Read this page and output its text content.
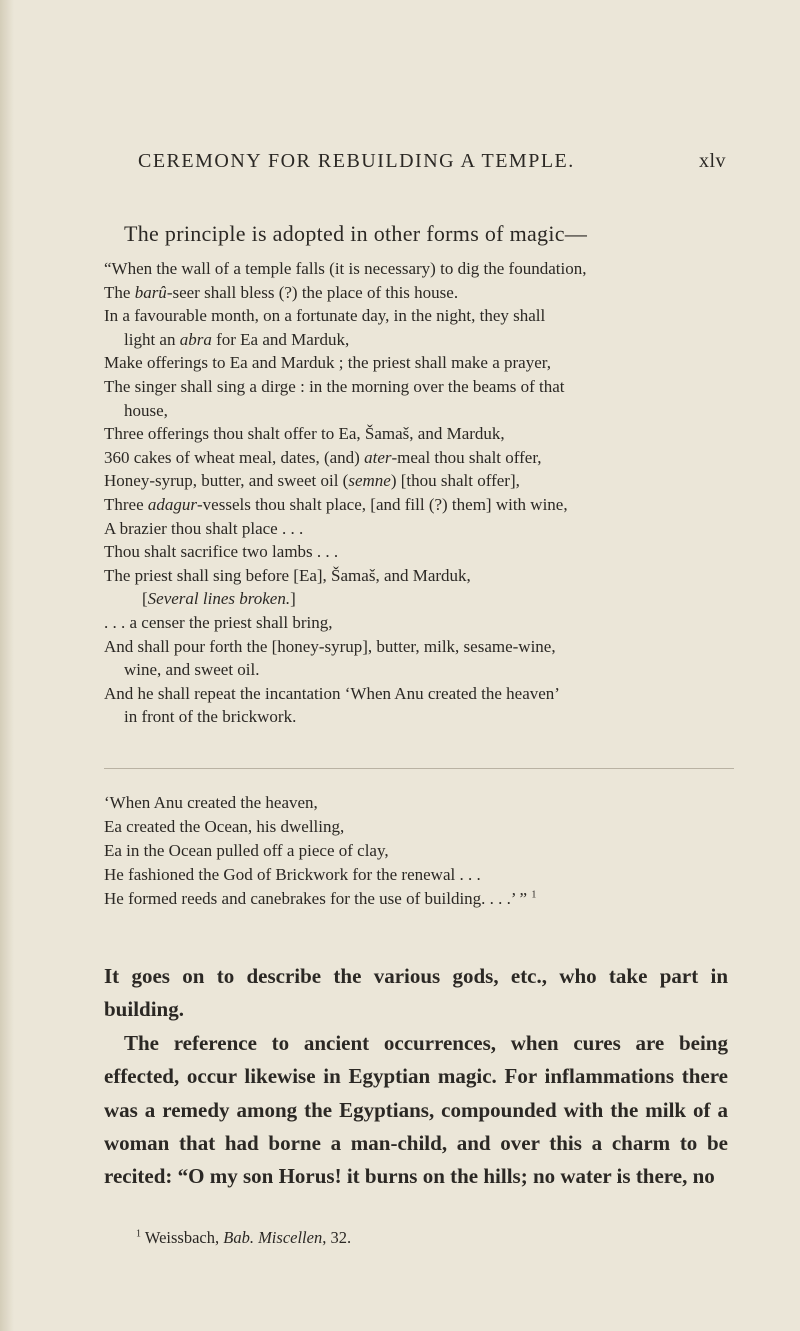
CEREMONY FOR REBUILDING A TEMPLE.	xlv
The principle is adopted in other forms of magic—
“When the wall of a temple falls (it is necessary) to dig the foundation,
The barû-seer shall bless (?) the place of this house.
In a favourable month, on a fortunate day, in the night, they shall
light an abra for Ea and Marduk,
Make offerings to Ea and Marduk ; the priest shall make a prayer,
The singer shall sing a dirge : in the morning over the beams of that
house,
Three offerings thou shalt offer to Ea, Šamaš, and Marduk,
360 cakes of wheat meal, dates, (and) ater-meal thou shalt offer,
Honey-syrup, butter, and sweet oil (semne) [thou shalt offer],
Three adagur-vessels thou shalt place, [and fill (?) them] with wine,
A brazier thou shalt place . . .
Thou shalt sacrifice two lambs . . .
The priest shall sing before [Ea], Šamaš, and Marduk,
[Several lines broken.]
. . . a censer the priest shall bring,
And shall pour forth the [honey-syrup], butter, milk, sesame-wine,
wine, and sweet oil.
And he shall repeat the incantation ‘When Anu created the heaven’
in front of the brickwork.
‘When Anu created the heaven,
Ea created the Ocean, his dwelling,
Ea in the Ocean pulled off a piece of clay,
He fashioned the God of Brickwork for the renewal . . .
He formed reeds and canebrakes for the use of building. . . .’ ” $^1$

It goes on to describe the various gods, etc., who take part in building.

The reference to ancient occurrences, when cures are being effected, occur likewise in Egyptian magic. For inflammations there was a remedy among the Egyptians, compounded with the milk of a woman that had borne a man-child, and over this a charm to be recited: “O my son Horus! it burns on the hills; no water is there, no

$^1$ Weissbach, Bab. Miscellen, 32.
